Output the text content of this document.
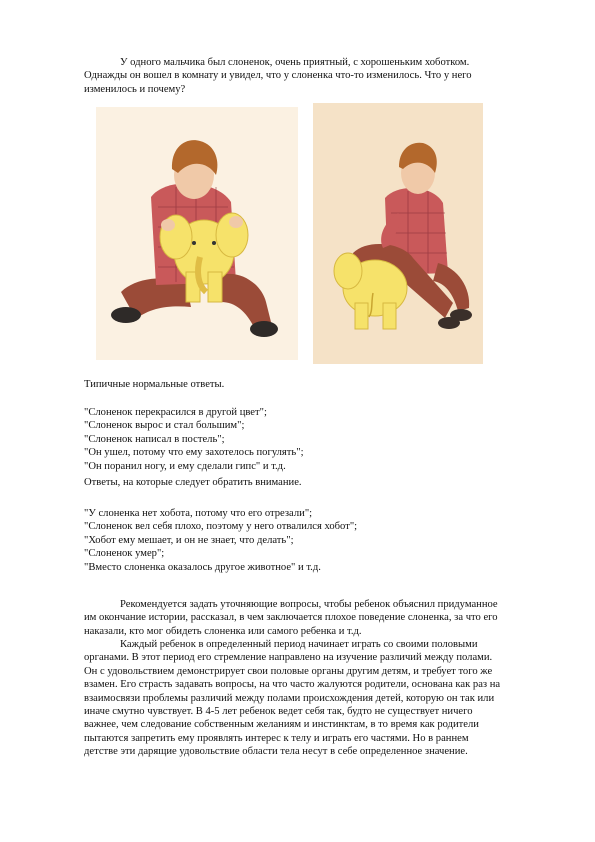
У одного мальчика был слоненок, очень приятный, с хорошеньким хоботком.

Однажды он вошел в комнату и увидел, что у слоненка что-то изменилось. Что у него

изменилось и почему?

Типичные нормальные ответы.

"Слоненок перекрасился в другой цвет";

"Слоненок вырос и стал большим";

"Слоненок написал в постель";

"Он ушел, потому что ему захотелось погулять";

"Он поранил ногу, и ему сделали гипс" и т.д.

Ответы, на которые следует обратить внимание.

"У слоненка нет хобота, потому что его отрезали";

"Слоненок вел себя плохо, поэтому у него отвалился хобот";

"Хобот ему мешает, и он не знает, что делать";

"Слоненок умер";

"Вместо слоненка оказалось другое животное" и т.д.

Рекомендуется задать уточняющие вопросы, чтобы ребенок объяснил придуманное

им окончание истории, рассказал, в чем заключается плохое поведение слоненка, за что его

наказали, кто мог обидеть слоненка или самого ребенка и т.д.

Каждый ребенок в определенный период начинает играть со своими половыми

органами. В этот период его стремление направлено на изучение различий между полами.

Он с удовольствием демонстрирует свои половые органы другим детям, и требует того же

взамен. Его страсть задавать вопросы, на что часто жалуются родители, основана как раз на

взаимосвязи проблемы различий между полами происхождения детей, которую он так или

иначе смутно чувствует. В 4-5 лет ребенок ведет себя так, будто не существует ничего

важнее, чем следование собственным желаниям и инстинктам, в то время как родители

пытаются запретить ему проявлять интерес к телу и играть его частями. Но в раннем

детстве эти дарящие удовольствие области тела несут в себе определенное значение.
